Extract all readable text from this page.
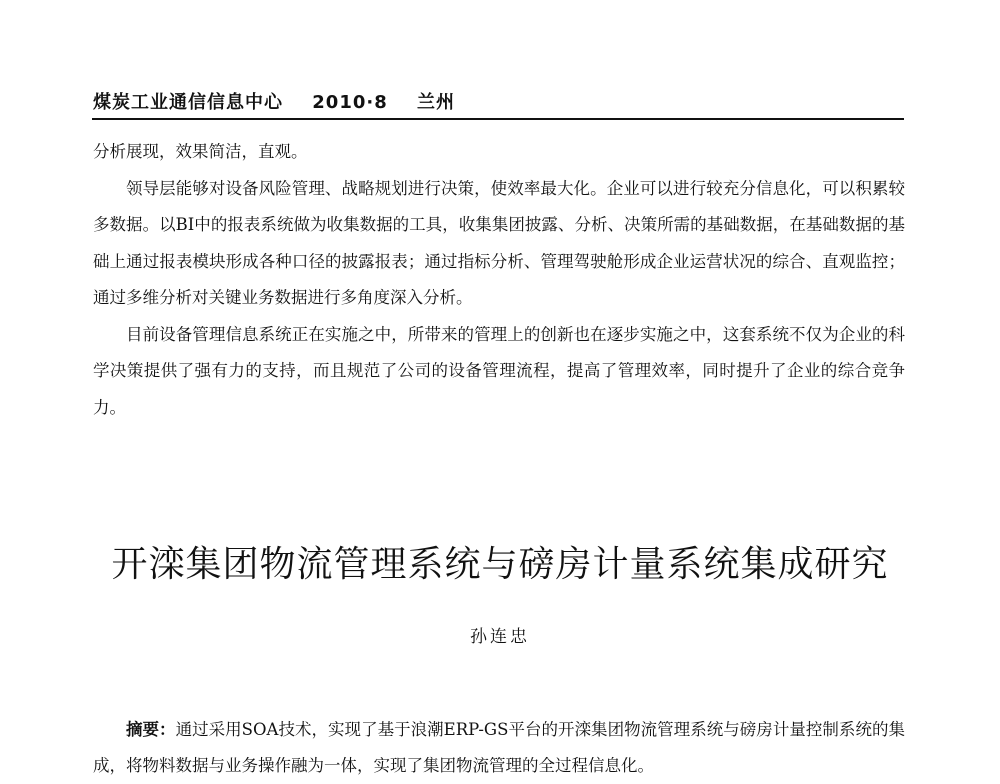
煤炭工业通信信息中心 2010·8 兰州

分析展现，效果简洁，直观。

领导层能够对设备风险管理、战略规划进行决策，使效率最大化。企业可以进行较充分信息化，可以积累较多数据。以BI中的报表系统做为收集数据的工具，收集集团披露、分析、决策所需的基础数据，在基础数据的基础上通过报表模块形成各种口径的披露报表；通过指标分析、管理驾驶舱形成企业运营状况的综合、直观监控；通过多维分析对关键业务数据进行多角度深入分析。

目前设备管理信息系统正在实施之中，所带来的管理上的创新也在逐步实施之中，这套系统不仅为企业的科学决策提供了强有力的支持，而且规范了公司的设备管理流程，提高了管理效率，同时提升了企业的综合竞争力。

开滦集团物流管理系统与磅房计量系统集成研究
孙连忠

摘要：通过采用SOA技术，实现了基于浪潮ERP-GS平台的开滦集团物流管理系统与磅房计量控制系统的集成，将物料数据与业务操作融为一体，实现了集团物流管理的全过程信息化。
